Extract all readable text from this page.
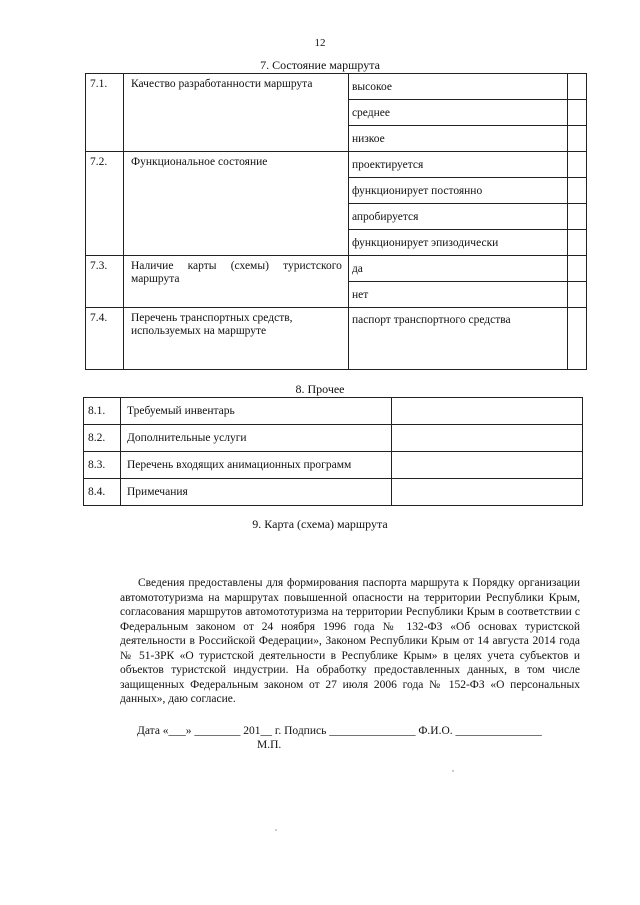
12
7. Состояние маршрута
7.1.	Качество разработанности маршрута	высокое	
		среднее	
		низкое	
7.2.	Функциональное состояние	проектируется	
		функционирует постоянно	
		апробируется	
		функционирует эпизодически	
7.3.	Наличие карты (схемы) туристского маршрута	да	
		нет	
7.4.	Перечень транспортных средств, используемых на маршруте	паспорт транспортного средства	
8. Прочее
8.1.	Требуемый инвентарь	
8.2.	Дополнительные услуги	
8.3.	Перечень входящих анимационных программ	
8.4.	Примечания	
9. Карта (схема) маршрута

Сведения предоставлены для формирования паспорта маршрута к Порядку организации автомототуризма на маршрутах повышенной опасности на территории Республики Крым, согласования маршрутов автомототуризма на территории Республики Крым в соответствии с Федеральным законом от 24 ноября 1996 года № 132-ФЗ «Об основах туристской деятельности в Российской Федерации», Законом Республики Крым от 14 августа 2014 года № 51-ЗРК «О туристской деятельности в Республике Крым» в целях учета субъектов и объектов туристской индустрии. На обработку предоставленных данных, в том числе защищенных Федеральным законом от 27 июля 2006 года № 152-ФЗ «О персональных данных», даю согласие.

Дата «___» ________ 201__ г. Подпись _______________ Ф.И.О. _______________
М.П.
